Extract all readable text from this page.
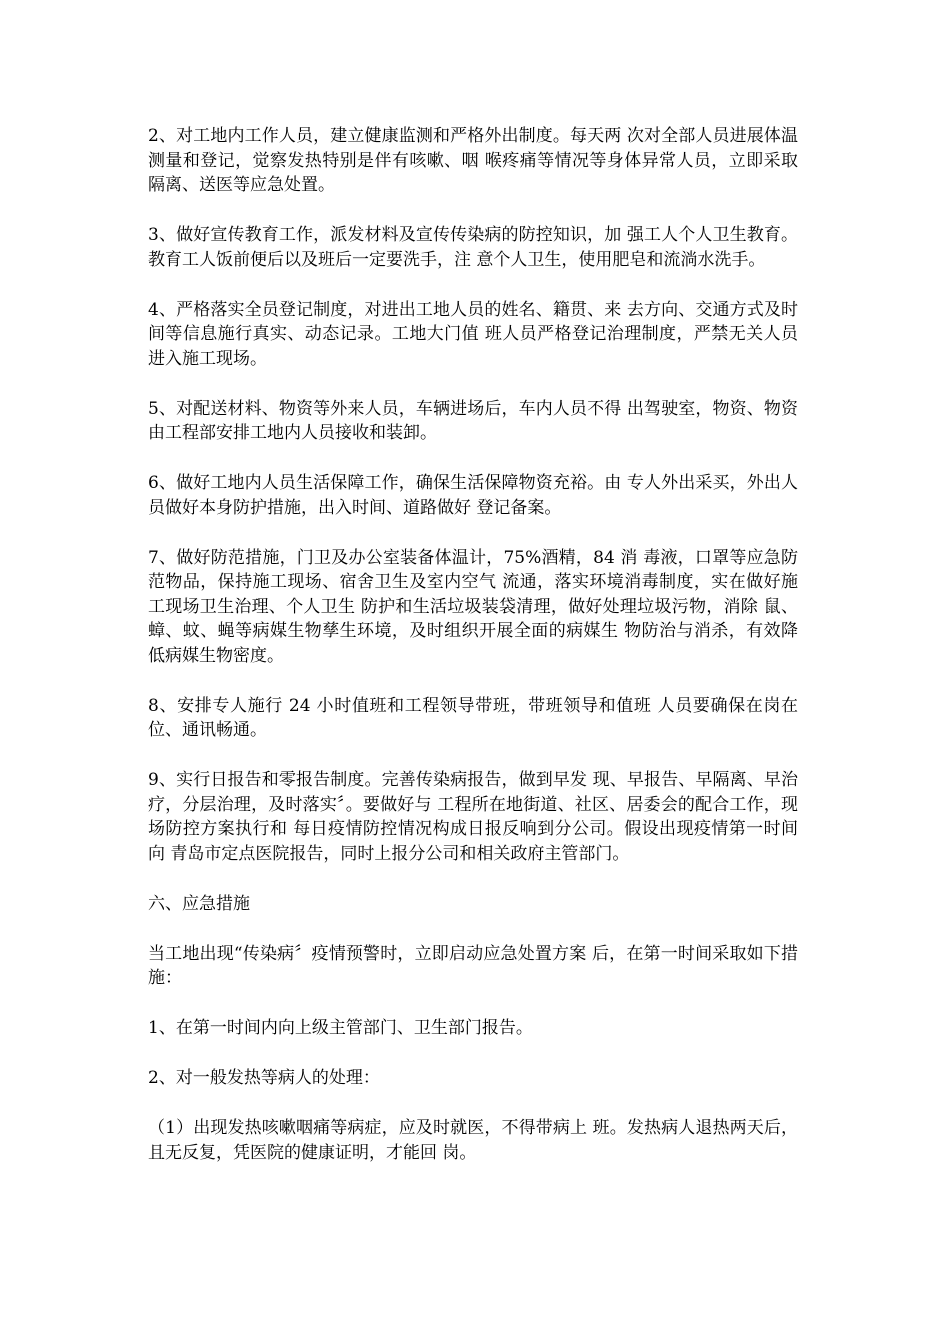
2、对工地内工作人员，建立健康监测和严格外出制度。每天两 次对全部人员进展体温测量和登记，觉察发热特别是伴有咳嗽、咽 喉疼痛等情况等身体异常人员，立即采取隔离、送医等应急处置。

3、做好宣传教育工作，派发材料及宣传传染病的防控知识，加 强工人个人卫生教育。教育工人饭前便后以及班后一定要洗手，注 意个人卫生，使用肥皂和流淌水洗手。

4、严格落实全员登记制度，对进出工地人员的姓名、籍贯、来 去方向、交通方式及时间等信息施行真实、动态记录。工地大门值 班人员严格登记治理制度，严禁无关人员进入施工现场。

5、对配送材料、物资等外来人员，车辆进场后，车内人员不得 出驾驶室，物资、物资由工程部安排工地内人员接收和装卸。

6、做好工地内人员生活保障工作，确保生活保障物资充裕。由 专人外出采买，外出人员做好本身防护措施，出入时间、道路做好 登记备案。

7、做好防范措施，门卫及办公室装备体温计，75%酒精，84 消 毒液，口罩等应急防范物品，保持施工现场、宿舍卫生及室内空气 流通，落实环境消毒制度，实在做好施工现场卫生治理、个人卫生 防护和生活垃圾装袋清理，做好处理垃圾污物，消除 鼠、蟑、蚊、蝇等病媒生物孳生环境，及时组织开展全面的病媒生 物防治与消杀，有效降低病媒生物密度。

8、安排专人施行 24 小时值班和工程领导带班，带班领导和值班 人员要确保在岗在位、通讯畅通。

9、实行日报告和零报告制度。完善传染病报告，做到早发 现、早报告、早隔离、早治疗，分层治理，及时落实〞。要做好与 工程所在地街道、社区、居委会的配合工作，现场防控方案执行和 每日疫情防控情况构成日报反响到分公司。假设出现疫情第一时间向 青岛市定点医院报告，同时上报分公司和相关政府主管部门。

六、应急措施

当工地出现“传染病〞疫情预警时，立即启动应急处置方案 后，在第一时间采取如下措施：

1、在第一时间内向上级主管部门、卫生部门报告。

2、对一般发热等病人的处理：

（1）出现发热咳嗽咽痛等病症，应及时就医，不得带病上 班。发热病人退热两天后，且无反复，凭医院的健康证明，才能回 岗。
